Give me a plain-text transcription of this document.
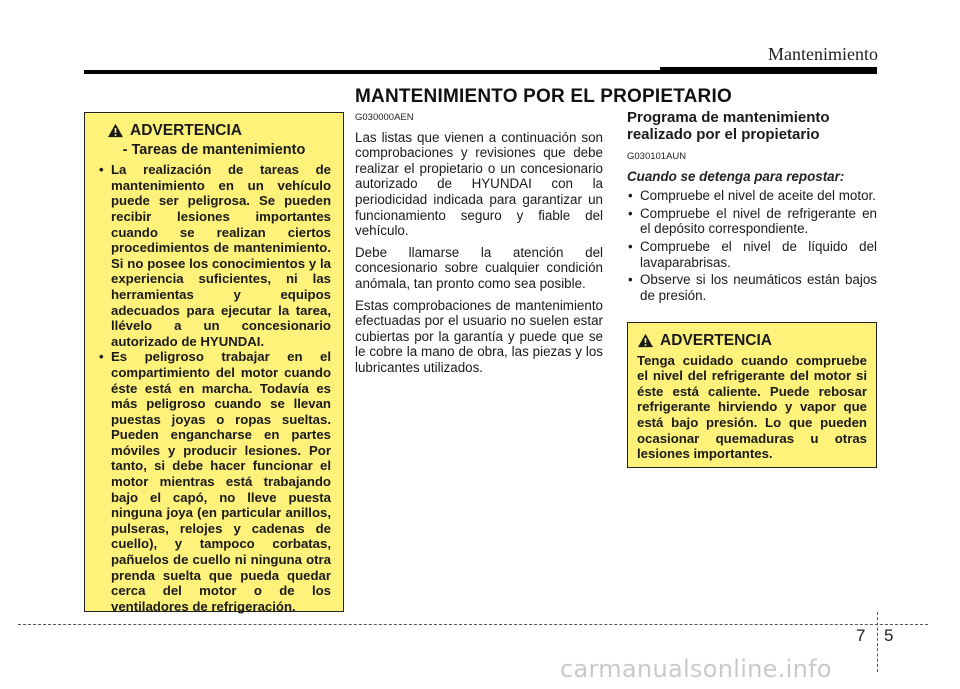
Mantenimiento
MANTENIMIENTO POR EL PROPIETARIO
ADVERTENCIA
- Tareas de mantenimiento
• La realización de tareas de mantenimiento en un vehículo puede ser peligrosa. Se pueden recibir lesiones importantes cuando se realizan ciertos procedimientos de mantenimiento. Si no posee los conocimientos y la experiencia suficientes, ni las herramientas y equipos adecuados para ejecutar la tarea, llévelo a un concesionario autorizado de HYUNDAI.
• Es peligroso trabajar en el compartimiento del motor cuando éste está en marcha. Todavía es más peligroso cuando se llevan puestas joyas o ropas sueltas. Pueden engancharse en partes móviles y producir lesiones. Por tanto, si debe hacer funcionar el motor mientras está trabajando bajo el capó, no lleve puesta ninguna joya (en particular anillos, pulseras, relojes y cadenas de cuello), y tampoco corbatas, pañuelos de cuello ni ninguna otra prenda suelta que pueda quedar cerca del motor o de los ventiladores de refrigeración.
G030000AEN

Las listas que vienen a continuación son comprobaciones y revisiones que debe realizar el propietario o un concesionario autorizado de HYUNDAI con la periodicidad indicada para garantizar un funcionamiento seguro y fiable del vehículo.

Debe llamarse la atención del concesionario sobre cualquier condición anómala, tan pronto como sea posible.

Estas comprobaciones de mantenimiento efectuadas por el usuario no suelen estar cubiertas por la garantía y puede que se le cobre la mano de obra, las piezas y los lubricantes utilizados.

Programa de mantenimiento realizado por el propietario
G030101AUN
Cuando se detenga para repostar:
• Compruebe el nivel de aceite del motor.
• Compruebe el nivel de refrigerante en el depósito correspondiente.
• Compruebe el nivel de líquido del lavaparabrisas.
• Observe si los neumáticos están bajos de presión.
ADVERTENCIA
Tenga cuidado cuando compruebe el nivel del refrigerante del motor si éste está caliente. Puede rebosar refrigerante hirviendo y vapor que está bajo presión. Lo que pueden ocasionar quemaduras u otras lesiones importantes.
7 5
carmanualsonline.info
